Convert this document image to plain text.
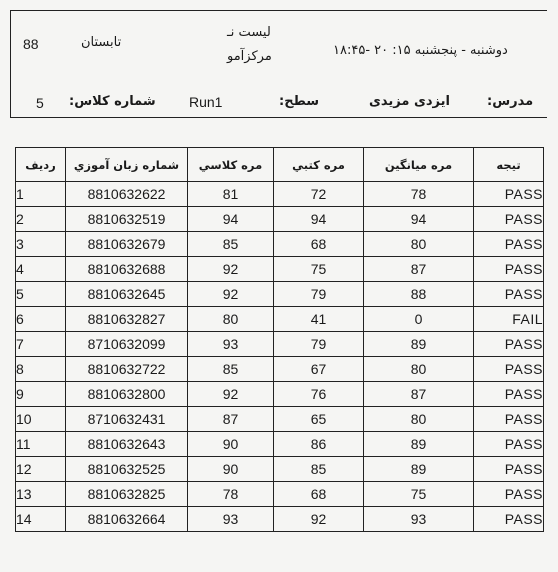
88	تابستان
لیست نـ
مرکزآمو	دوشنبه - پنجشنبه ۱۵: ۲۰ -۱۸:۴۵
5 شماره کلاس: Run1	سطح:	ایزدی مزیدی	مدرس:
ردیف	شماره زبان آموزي	مره کلاسي	مره كتبي	مره ميانگين	تيجه
1	8810632622	81	72	78	PASS
2	8810632519	94	94	94	PASS
3	8810632679	85	68	80	PASS
4	8810632688	92	75	87	PASS
5	8810632645	92	79	88	PASS
6	8810632827	80	41	0	FAIL
7	8710632099	93	79	89	PASS
8	8810632722	85	67	80	PASS
9	8810632800	92	76	87	PASS
10	8710632431	87	65	80	PASS
11	8810632643	90	86	89	PASS
12	8810632525	90	85	89	PASS
13	8810632825	78	68	75	PASS
14	8810632664	93	92	93	PASS
